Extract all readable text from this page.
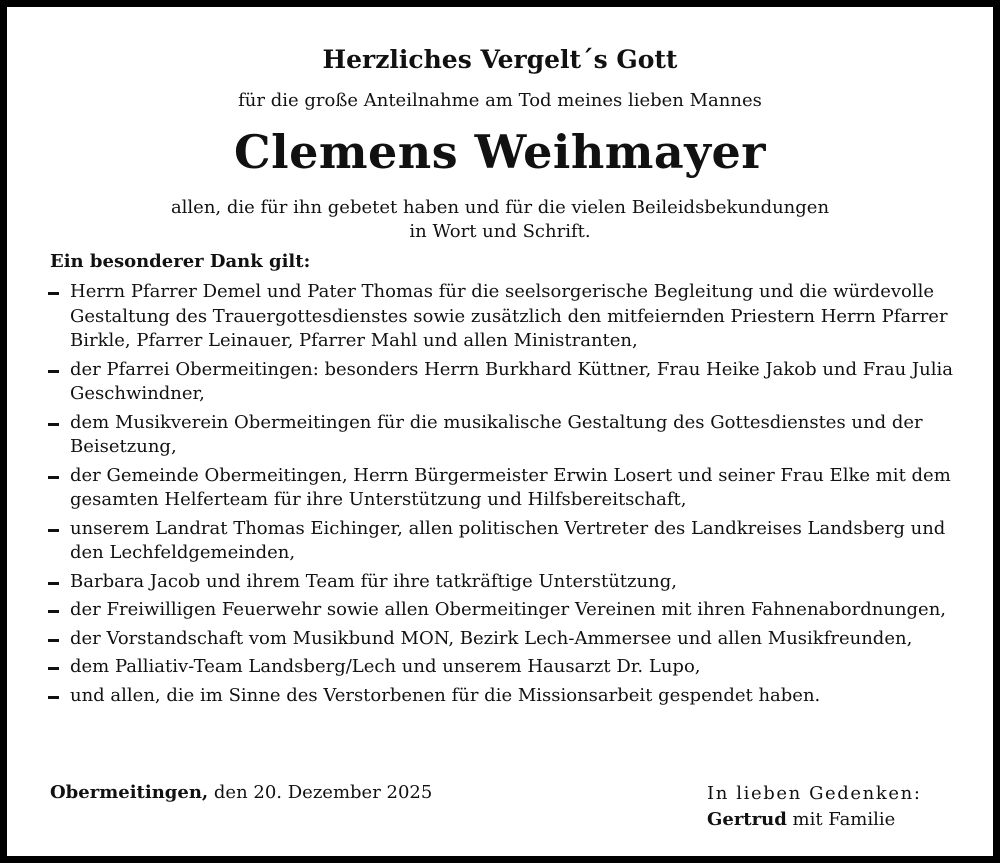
Herzliches Vergelt´s Gott
für die große Anteilnahme am Tod meines lieben Mannes
Clemens Weihmayer
allen, die für ihn gebetet haben und für die vielen Beileidsbekundungen
in Wort und Schrift.
Ein besonderer Dank gilt:
Herrn Pfarrer Demel und Pater Thomas für die seelsorgerische Begleitung und die würdevolle Gestaltung des Trauergottesdienstes sowie zusätzlich den mitfeiernden Priestern Herrn Pfarrer Birkle, Pfarrer Leinauer, Pfarrer Mahl und allen Ministranten,
der Pfarrei Obermeitingen: besonders Herrn Burkhard Küttner, Frau Heike Jakob und Frau Julia Geschwindner,
dem Musikverein Obermeitingen für die musikalische Gestaltung des Gottesdienstes und der Beisetzung,
der Gemeinde Obermeitingen, Herrn Bürgermeister Erwin Losert und seiner Frau Elke mit dem gesamten Helferteam für ihre Unterstützung und Hilfsbereitschaft,
unserem Landrat Thomas Eichinger, allen politischen Vertreter des Landkreises Landsberg und den Lechfeldgemeinden,
Barbara Jacob und ihrem Team für ihre tatkräftige Unterstützung,
der Freiwilligen Feuerwehr sowie allen Obermeitinger Vereinen mit ihren Fahnenabordnungen,
der Vorstandschaft vom Musikbund MON, Bezirk Lech-Ammersee und allen Musikfreunden,
dem Palliativ-Team Landsberg/Lech und unserem Hausarzt Dr. Lupo,
und allen, die im Sinne des Verstorbenen für die Missionsarbeit gespendet haben.
Obermeitingen, den 20. Dezember 2025	In lieben Gedenken:
Gertrud mit Familie
